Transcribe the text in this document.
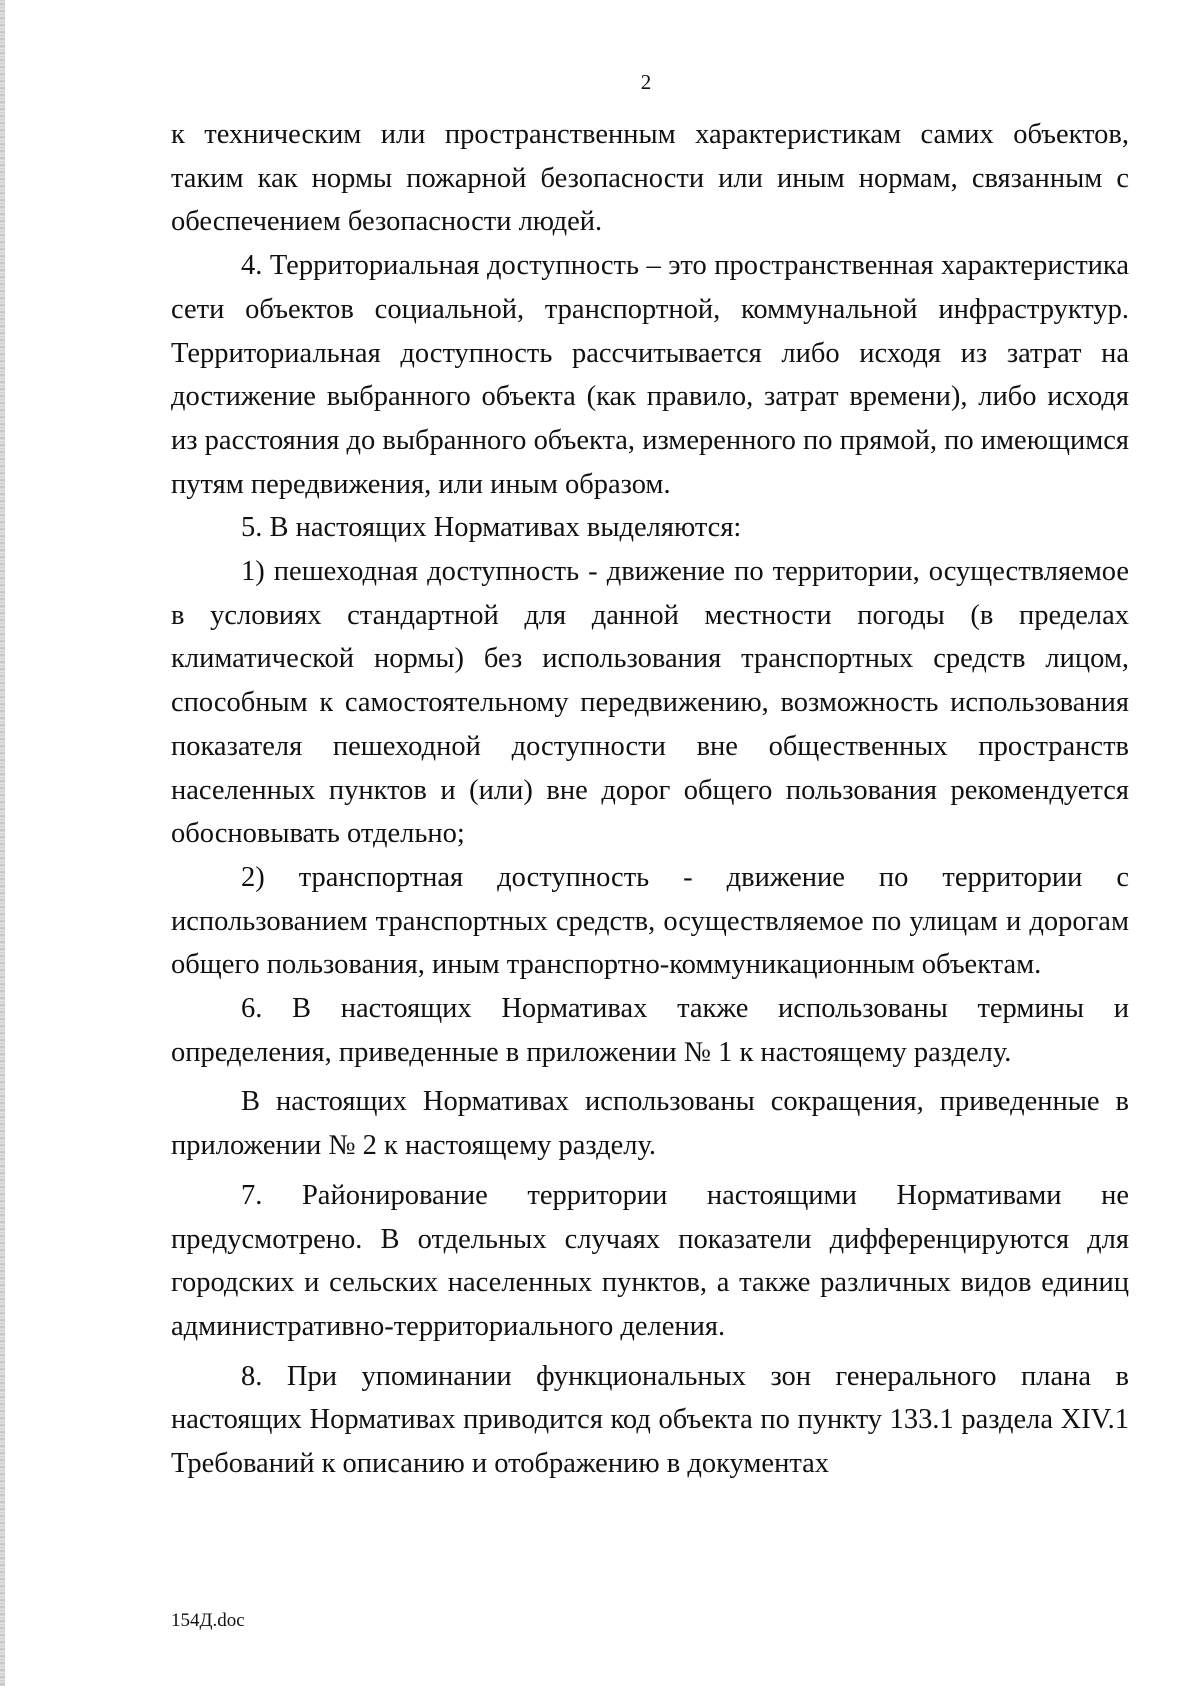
2

к техническим или пространственным характеристикам самих объектов, таким как нормы пожарной безопасности или иным нормам, связанным с обеспечением безопасности людей.

4. Территориальная доступность – это пространственная характеристика сети объектов социальной, транспортной, коммунальной инфраструктур. Территориальная доступность рассчитывается либо исходя из затрат на достижение выбранного объекта (как правило, затрат времени), либо исходя из расстояния до выбранного объекта, измеренного по прямой, по имеющимся путям передвижения, или иным образом.

5. В настоящих Нормативах выделяются:

1) пешеходная доступность - движение по территории, осуществляемое в условиях стандартной для данной местности погоды (в пределах климатической нормы) без использования транспортных средств лицом, способным к самостоятельному передвижению, возможность использования показателя пешеходной доступности вне общественных пространств населенных пунктов и (или) вне дорог общего пользования рекомендуется обосновывать отдельно;

2) транспортная доступность - движение по территории с использованием транспортных средств, осуществляемое по улицам и дорогам общего пользования, иным транспортно-коммуникационным объектам.

6. В настоящих Нормативах также использованы термины и определения, приведенные в приложении № 1 к настоящему разделу.

В настоящих Нормативах использованы сокращения, приведенные в приложении № 2 к настоящему разделу.

7. Районирование территории настоящими Нормативами не предусмотрено. В отдельных случаях показатели дифференцируются для городских и сельских населенных пунктов, а также различных видов единиц административно-территориального деления.

8. При упоминании функциональных зон генерального плана в настоящих Нормативах приводится код объекта по пункту 133.1 раздела XIV.1 Требований к описанию и отображению в документах

154Д.doc
